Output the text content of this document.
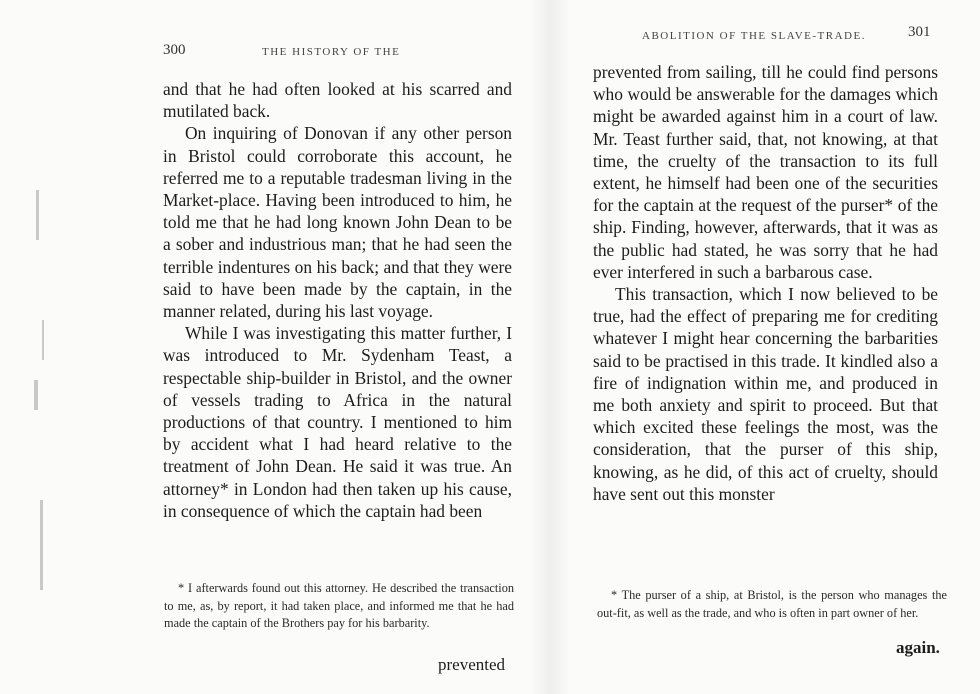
300	THE HISTORY OF THE

and that he had often looked at his scarred and mutilated back.

On inquiring of Donovan if any other person in Bristol could corroborate this account, he referred me to a reputable tradesman living in the Market-place. Having been introduced to him, he told me that he had long known John Dean to be a sober and industrious man; that he had seen the terrible indentures on his back; and that they were said to have been made by the captain, in the manner related, during his last voyage.

While I was investigating this matter further, I was introduced to Mr. Sydenham Teast, a respectable ship-builder in Bristol, and the owner of vessels trading to Africa in the natural productions of that country. I mentioned to him by accident what I had heard relative to the treatment of John Dean. He said it was true. An attorney* in London had then taken up his cause, in consequence of which the captain had been

* I afterwards found out this attorney. He described the transaction to me, as, by report, it had taken place, and informed me that he had made the captain of the Brothers pay for his barbarity.
prevented
ABOLITION OF THE SLAVE-TRADE.	301

prevented from sailing, till he could find persons who would be answerable for the damages which might be awarded against him in a court of law. Mr. Teast further said, that, not knowing, at that time, the cruelty of the transaction to its full extent, he himself had been one of the securities for the captain at the request of the purser* of the ship. Finding, however, afterwards, that it was as the public had stated, he was sorry that he had ever interfered in such a barbarous case.

This transaction, which I now believed to be true, had the effect of preparing me for crediting whatever I might hear concerning the barbarities said to be practised in this trade. It kindled also a fire of indignation within me, and produced in me both anxiety and spirit to proceed. But that which excited these feelings the most, was the consideration, that the purser of this ship, knowing, as he did, of this act of cruelty, should have sent out this monster

* The purser of a ship, at Bristol, is the person who manages the out-fit, as well as the trade, and who is often in part owner of her.
again.
